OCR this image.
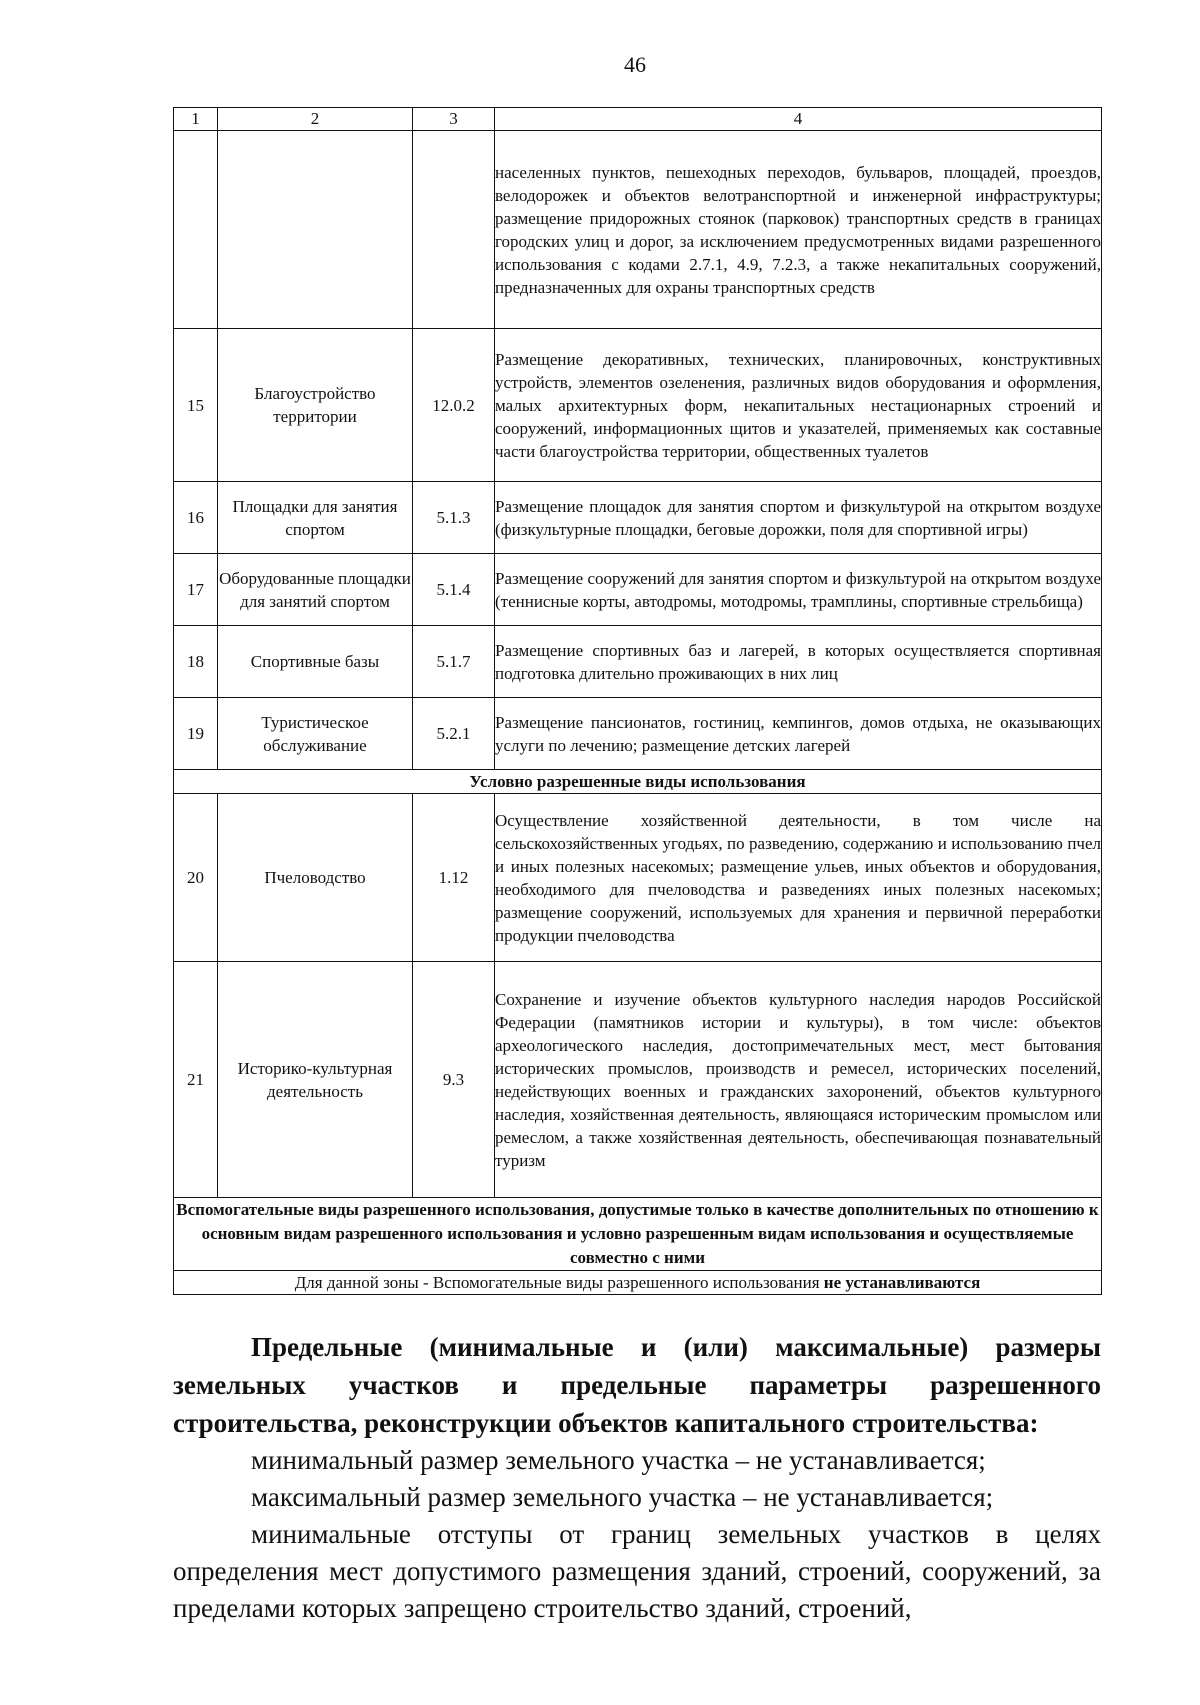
46
1	2	3	4
			населенных пунктов, пешеходных переходов, бульваров, площадей, проездов, велодорожек и объектов велотранспортной и инженерной инфраструктуры; размещение придорожных стоянок (парковок) транспортных средств в границах городских улиц и дорог, за исключением предусмотренных видами разрешенного использования с кодами 2.7.1, 4.9, 7.2.3, а также некапитальных сооружений, предназначенных для охраны транспортных средств
15	Благоустройство территории	12.0.2	Размещение декоративных, технических, планировочных, конструктивных устройств, элементов озеленения, различных видов оборудования и оформления, малых архитектурных форм, некапитальных нестационарных строений и сооружений, информационных щитов и указателей, применяемых как составные части благоустройства территории, общественных туалетов
16	Площадки для занятия спортом	5.1.3	Размещение площадок для занятия спортом и физкультурой на открытом воздухе (физкультурные площадки, беговые дорожки, поля для спортивной игры)
17	Оборудованные площадки для занятий спортом	5.1.4	Размещение сооружений для занятия спортом и физкультурой на открытом воздухе (теннисные корты, автодромы, мотодромы, трамплины, спортивные стрельбища)
18	Спортивные базы	5.1.7	Размещение спортивных баз и лагерей, в которых осуществляется спортивная подготовка длительно проживающих в них лиц
19	Туристическое обслуживание	5.2.1	Размещение пансионатов, гостиниц, кемпингов, домов отдыха, не оказывающих услуги по лечению; размещение детских лагерей
Условно разрешенные виды использования			
20	Пчеловодство	1.12	Осуществление хозяйственной деятельности, в том числе на сельскохозяйственных угодьях, по разведению, содержанию и использованию пчел и иных полезных насекомых; размещение ульев, иных объектов и оборудования, необходимого для пчеловодства и разведениях иных полезных насекомых; размещение сооружений, используемых для хранения и первичной переработки продукции пчеловодства
21	Историко-культурная деятельность	9.3	Сохранение и изучение объектов культурного наследия народов Российской Федерации (памятников истории и культуры), в том числе: объектов археологического наследия, достопримечательных мест, мест бытования исторических промыслов, производств и ремесел, исторических поселений, недействующих военных и гражданских захоронений, объектов культурного наследия, хозяйственная деятельность, являющаяся историческим промыслом или ремеслом, а также хозяйственная деятельность, обеспечивающая познавательный туризм
Вспомогательные виды разрешенного использования, допустимые только в качестве дополнительных по отношению к основным видам разрешенного использования и условно разрешенным видам использования и осуществляемые совместно с ними			
Для данной зоны - Вспомогательные виды разрешенного использования не устанавливаются			
Предельные (минимальные и (или) максимальные) размеры земельных участков и предельные параметры разрешенного строительства, реконструкции объектов капитального строительства:

минимальный размер земельного участка – не устанавливается;

максимальный размер земельного участка – не устанавливается;

минимальные отступы от границ земельных участков в целях определения мест допустимого размещения зданий, строений, сооружений, за пределами которых запрещено строительство зданий, строений,
